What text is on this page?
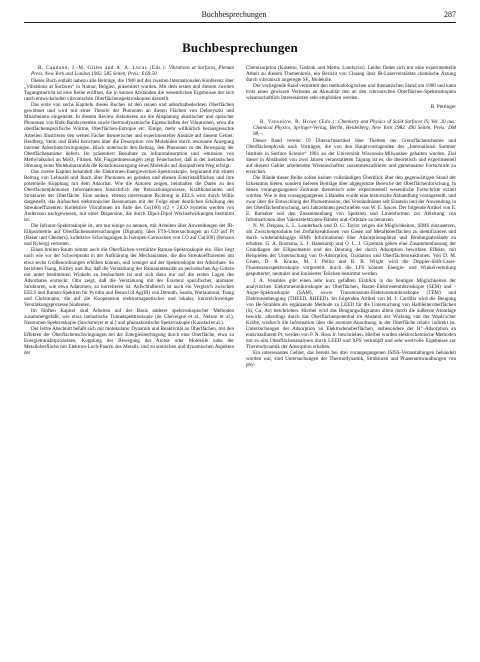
Buchbesprechungen	287
Buchbesprechungen

R. Caudano, J.-M. Gilles and A. A. Lucas (Eds.): Vibrations at Surfaces, Plenum Press, New York and London 1982. 585 Seiten, Preis: $ 69.50.

Dieses Buch enthält nahezu alle Beiträge, die 1980 auf der zweiten Internationalen Konferenz über „Vibrations at Surfaces“ in Namur, Belgien, präsentiert wurden. Mit dem ersten und diesem zweiten Tagungsbericht ist eine Reihe eröffnet, die in kurzen Abständen die wesentlichen Ergebnisse der sich rasch entwickelnden vibronischen Oberflächenspektroskopien darstellt.

Das erste von sechs Kapiteln dieses Buches ist den reinen und adsorbatbedeckten Oberflächen gewidmet und wird mit einer Theorie der Phononen an diesen Flächen von Debreyszki und Mitarbeitern eingeleitet. In diesem Review diskutieren sie die Absplatung akustischer und optischer Phononen von Bulk-Bandsystemen sowie thermodynamische Eigenschaften der Vibrationen, etwa die oberflächenspezifische Wärme, Oberflächen-Entropie etc. Einige, mehr willkürlich herausgesuchte Arbeiten illustrieren den weiten Fächer theoretischer und experimenteller Ansätze auf diesem Gebiet: Heidberg, Stein und Riehl berichten über die Desorption von Molekülen durch resonante Anregung interner Adsorbatschwingungen. Black untersucht den Beitrag, den Phononen zu der Bewegung der Oberflächenatome liefern. Ito präsentiert Resultate zu Infrarotabsorption und -emission von Methylalkohol an MoO₃ Filmen. Mit Flugzeitmessungen zeigt Feuerbacher, daß in der inelastischen Streuung eines Molekularstrahls die Rotationsanregung eines Moleküls auf dissipativem Weg erfolgt.

Das zweite Kapitel behandelt die Elektronen-Energieverlust-Spektroskopie, beginnend mit einem Beitrag von Lehwald und Ibach über Phononen an geraden und ebenen Einkristallflächen und ihre potentielle Kopplung mit dem Adsorbat. Wie die Autoren zeigen, beinhalten die Daten zu den Oberflächenphononen Informationen hinsichtlich der Relaxationsprozesse, Kraftkonstanten und Strukturen der Oberfläche. Eine andere, ebenso interessante Richtung in EELS wird durch Willis dargestellt, das Aufsuchen elektronischer Resonanzen mit der Folge einer deutlichen Erhöhung des Streukoeffizienten. Kollektive Vibrationen im Falle des Cu(100) c(2 × 2)CO Systems werden von Andersson nachgewiesen, mit einer Dispersion, die durch Dipol-Dipol Wechselwirkungen bestimmt ist.

Die Infrarot-Spektroskopie ist, um nur einige zu nennen, mit Arbeiten über Anwendungen der IR-Ellipsometrie auf Oberflächenuntersuchungen (Dignam), über FTS-Untersuchungen an CO auf Pt (Baker und Chesters), kollektive Schwingungen in Isotopen-Gemischen von CO auf Cu(100) (Persson und Ryberg) vertreten.

Einen breiten Raum nimmt auch die Oberflächen-verstärkte Raman-Spektroskopie ein. Hier liegt nach wie vor der Schwerpunkt in der Aufklärung der Mechanismen, die den Streukoeffizienten um etwa sechs Größenordnungen erhöhen können, und weniger auf der Spektroskopie der Adsorbate. So berichten Tsang, Kirtley und Jha, daß die Verstärkung der Ramanintensität an periodischen Ag-Gittern nur unter bestimmten Winkeln zu beobachten ist und sich dann nur auf die ersten Lagen des Adsorbates erstreckt. Otto zeigt, daß die Verstärkung mit der Existenz spezifischer, atomarer Strukturen, wie etwa Adatomen, zu korrelieren ist. Aufschlußreich ist auch ein Vergleich zwischen EELS und Raman-Spektren für Pyridin und Benzol of Ag(III) von Demuth, Sanda, Warlaumont, Tsang und Christmann, die auf die Kooperation elektromagnetischer und lokaler, kurzreichweitiger Verstärkungsprozesse hindeuten.

Im fünften Kapitel sind Arbeiten auf der Basis anderer spektroskopischer Methoden zusammengefaßt, wie etwa inelastische Tunnelspektroskopie (de Cheveigné et al., Nelson et al.), Neutronen-Spektroskopie (Stockmeyer et al.) und photoakustische Spektroskopie (Konstad et al.).

Der letzte Abschnitt befaßt sich mit molekularer Dynamik und Reaktivität an Oberflächen, mit den Effekten der Oberflächenschwingungen bei der Energieübertragung durch eine Oberfläche, etwa zu Energietransferprozessen, Kopplung der Bewegung der Atome oder Moleküle nahe der Metalloberfläche mit Elektron-Loch-Paaren des Metalls, und zu statischen und dynamischen Aspekten der

Chemisorption (Kasemo, Gadzuk und Metiu, Lundqvist). Leider findet sich nur eine experimentelle Arbeit zu diesem Themenkreis, ein Bericht von Chuang über IR-Laserverstärkte chemische Ätzung durch vibronisch angeregte SF₆ Moleküle.

Der vorliegende Band vermittelt den methodologischen und thematischen Stand um 1980 und kann trotz eines gewissen Verlustes an Aktualität den an den vibronischen Oberflächen-Spektroskopien wissenschaftlich Interessierten sehr empfohlen werden.

B. Pettinger

R. Vanselow, R. Howe (Eds.): Chemistry and Physics of Solid Surfaces IV, Vol. 20 aus: Chemical Physics, Springer-Verlag, Berlin, Heidelberg, New York 1982. 496 Seiten, Preis: DM 98,–.

Dieser Band vereint 19 Übersichtsartikel über Themen der Grenzflächenchemie und Oberflächenphysik nach Vorträgen, die von den Hauptvortragenden des „International Summer Institute in Surface Science“ 1981 an der Universität Wisconsin-Milwaukee gehalten wurden. Ziel dieser in Abständen von zwei Jahren veranstalteten Tagung ist es, die theoretisch und experimentell auf diesem Gebiet arbeitenden Wissenschaftler zusammenzuführen und gemeinsame Fortschritte zu erreichen.

Die Bände dieser Reihe sollen keinen vollständigen Überblick über den gegenwärtigen Stand der Erkenntnis bieten, sondern lieferen Beiträge über abgegrenzte Bereiche der Oberflächenforschung, in denen vorangegangenen Zeitraum theoretisch oder experimentell wesentliche Fortschritte erzielt wurden. Wie in den vorangegangenen 3 Bänden wurde eine historische Abhandlung vorangestellt, und zwar über die Entwicklung der Photoemission, des Verständnisses seit Einstein und der Anwendung in der Oberflächenforschung, seit Jahrzehnten geschrieben von W. E. Spicer. Der folgende Artikel von E. E. Ramaker soll den Zusammenhang von Spektren und Linienformen zur Ableitung von Informationen über Valenzelektronen-Bänder und -Orbitale zu benutzen.

N. W. Delgass, L. L. Lauderback und D. G. Taylor zeigen die Möglichkeiten, SIMS einzusetzen, um Zwischenprodukte bei Zerfallsreaktionen von Gasen auf Metalloberflächen zu identifizieren und durch winkelabhängige SIMS Informationen über Adsorptionsplätze und Bindungsabstände zu erhalten. G. A. Bootsma, L. J. Hanekamp und O. L. J. Gijzeman geben eine Zusammenfassung der Grundlagen der Ellipsometrie und der Deutung der durch Adsorption bewirkten Effekte, mit Beispielen der Untersuchung von O-Adsorption, Oxidation und Oberflächenreaktionen. Von D. M. Gruen, D. R. Krauss, M. J. Pellin und R. B. Wright wird die Doppler-Shift-Laser-Fluoreszenzspektroskopie vorgestellt, durch die LFS können Energie- und Winkelverteilung gesputterter, neutraler und Ionisierter Teilchen bestimmt werden.

J. A. Venables gibt einen sehr kurz gefaßten Einblick in die heutigen Möglichkeiten der analytischen Elektronenmikroskopie an Oberflächen, Raster-Elektronenmikroskopie (SEM) und -Auger-Spektroskopie (SAM), sowie Transmissions-Elektronenmikroskopie (TEM) und Elektronenbeugung (THEED, RHEED). Im folgenden Artikel von M. J. Cardillo wird die Beugung von He-Strahlen als ergänzende Methode zu LEED für die Untersuchung von Halbleiteroberflächen (Si, Ga, As) beschrieben. Hierbei wird das Beugungsdiagramm allein durch die äußerste Atomlage bewirkt, allerdings durch das Oberflächenpotential im Abstand der Wirkung van der Waals'scher Kräfte, wodurch die Information über die atomare Anordnung in der Oberfläche relativ indirekt ist. Untersuchungen der Adsorption an Elektrodenoberflächen, insbesondere der H⁺-Adsorption an einkristallinem Pt, werden von P. N. Ross Jr. beschrieben. Hierbei wurden elektrochemische Methoden mit ex-situ Oberflächenanalysen durch LEED und XPS verknüpft und sehr wertvolle Ergebnisse zur Thermodynamik der Adsorption erhalten.

Ein interessantes Gebiet, das bereits bei drei vorangegangenen ISISS-Veranstaltungen behandelt worden war, sind Untersuchungen der Thermodynamik, Strukturen und Phasenumwandlungen von phy-
